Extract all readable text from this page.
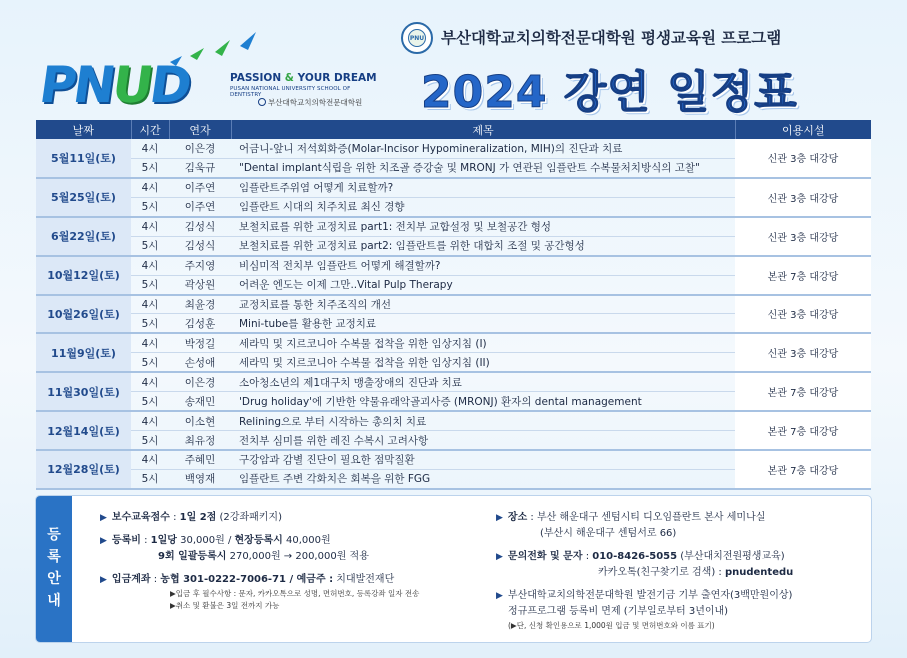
PNUD	PASSION & YOUR DREAM
PUSAN NATIONAL UNIVERSITY SCHOOL OF DENTISTRY
부산대학교치의학전문대학원
PNU	부산대학교치의학전문대학원 평생교육원 프로그램
2024 강연 일정표
날짜	시간	연자	제목	이용시설
5월11일(토)	4시	이은경	어금니-앞니 저석회화증(Molar-Incisor Hypomineralization, MIH)의 진단과 치료	신관 3층 대강당
	5시	김욱규	"Dental implant식립을 위한 치조골 증강술 및 MRONJ 가 연관된 임플란트 수복물처치방식의 고찰"	
5월25일(토)	4시	이주연	임플란트주위염 어떻게 치료할까?	신관 3층 대강당
	5시	이주연	임플란트 시대의 치주치료 최신 경향	
6월22일(토)	4시	김성식	보철치료를 위한 교정치료 part1: 전치부 교합설정 및 보철공간 형성	신관 3층 대강당
	5시	김성식	보철치료를 위한 교정치료 part2: 임플란트를 위한 대합치 조절 및 공간형성	
10월12일(토)	4시	주지영	비심미적 전치부 임플란트 어떻게 해결할까?	본관 7층 대강당
	5시	곽상원	어려운 엔도는 이제 그만..Vital Pulp Therapy	
10월26일(토)	4시	최윤경	교정치료를 통한 치주조직의 개선	신관 3층 대강당
	5시	김성훈	Mini-tube를 활용한 교정치료	
11월9일(토)	4시	박정길	세라믹 및 지르코니아 수복물 접착을 위한 임상지침 (I)	신관 3층 대강당
	5시	손성애	세라믹 및 지르코니아 수복물 접착을 위한 임상지침 (II)	
11월30일(토)	4시	이은경	소아청소년의 제1대구치 맹출장애의 진단과 치료	본관 7층 대강당
	5시	송재민	'Drug holiday'에 기반한 약물유래악골괴사증 (MRONJ) 환자의 dental management	
12월14일(토)	4시	이소현	Relining으로 부터 시작하는 총의치 치료	본관 7층 대강당
	5시	최유정	전치부 심미를 위한 레진 수복시 고려사항	
12월28일(토)	4시	주혜민	구강암과 감별 진단이 필요한 점막질환	본관 7층 대강당
	5시	백영재	임플란트 주변 각화치은 회복을 위한 FGG	
등
록
안
내
▶ 보수교육점수 : 1일 2점 (2강좌패키지)
▶ 등록비 : 1일당 30,000원 / 현장등록시 40,000원
9회 일괄등록시 270,000원 → 200,000원 적용
▶ 입금계좌 : 농협 301-0222-7006-71 / 예금주 : 치대발전재단
▶입금 후 필수사항 : 문자, 카카오톡으로 성명, 면허번호, 등록강좌 일자 전송
▶취소 및 환불은 3일 전까지 가능
▶ 장소 : 부산 해운대구 센텀시티 디오임플란트 본사 세미나실
(부산시 해운대구 센텀서로 66)
▶ 문의전화 및 문자 : 010-8426-5055 (부산대치전원평생교육)
카카오톡(친구찾기로 검색) : pnudentedu
▶ 부산대학교치의학전문대학원 발전기금 기부 출연자(3백만원이상)
정규프로그램 등록비 면제 (기부일로부터 3년이내)
(▶단, 신청 확인용으로 1,000원 입금 및 면허번호와 이름 표기)
